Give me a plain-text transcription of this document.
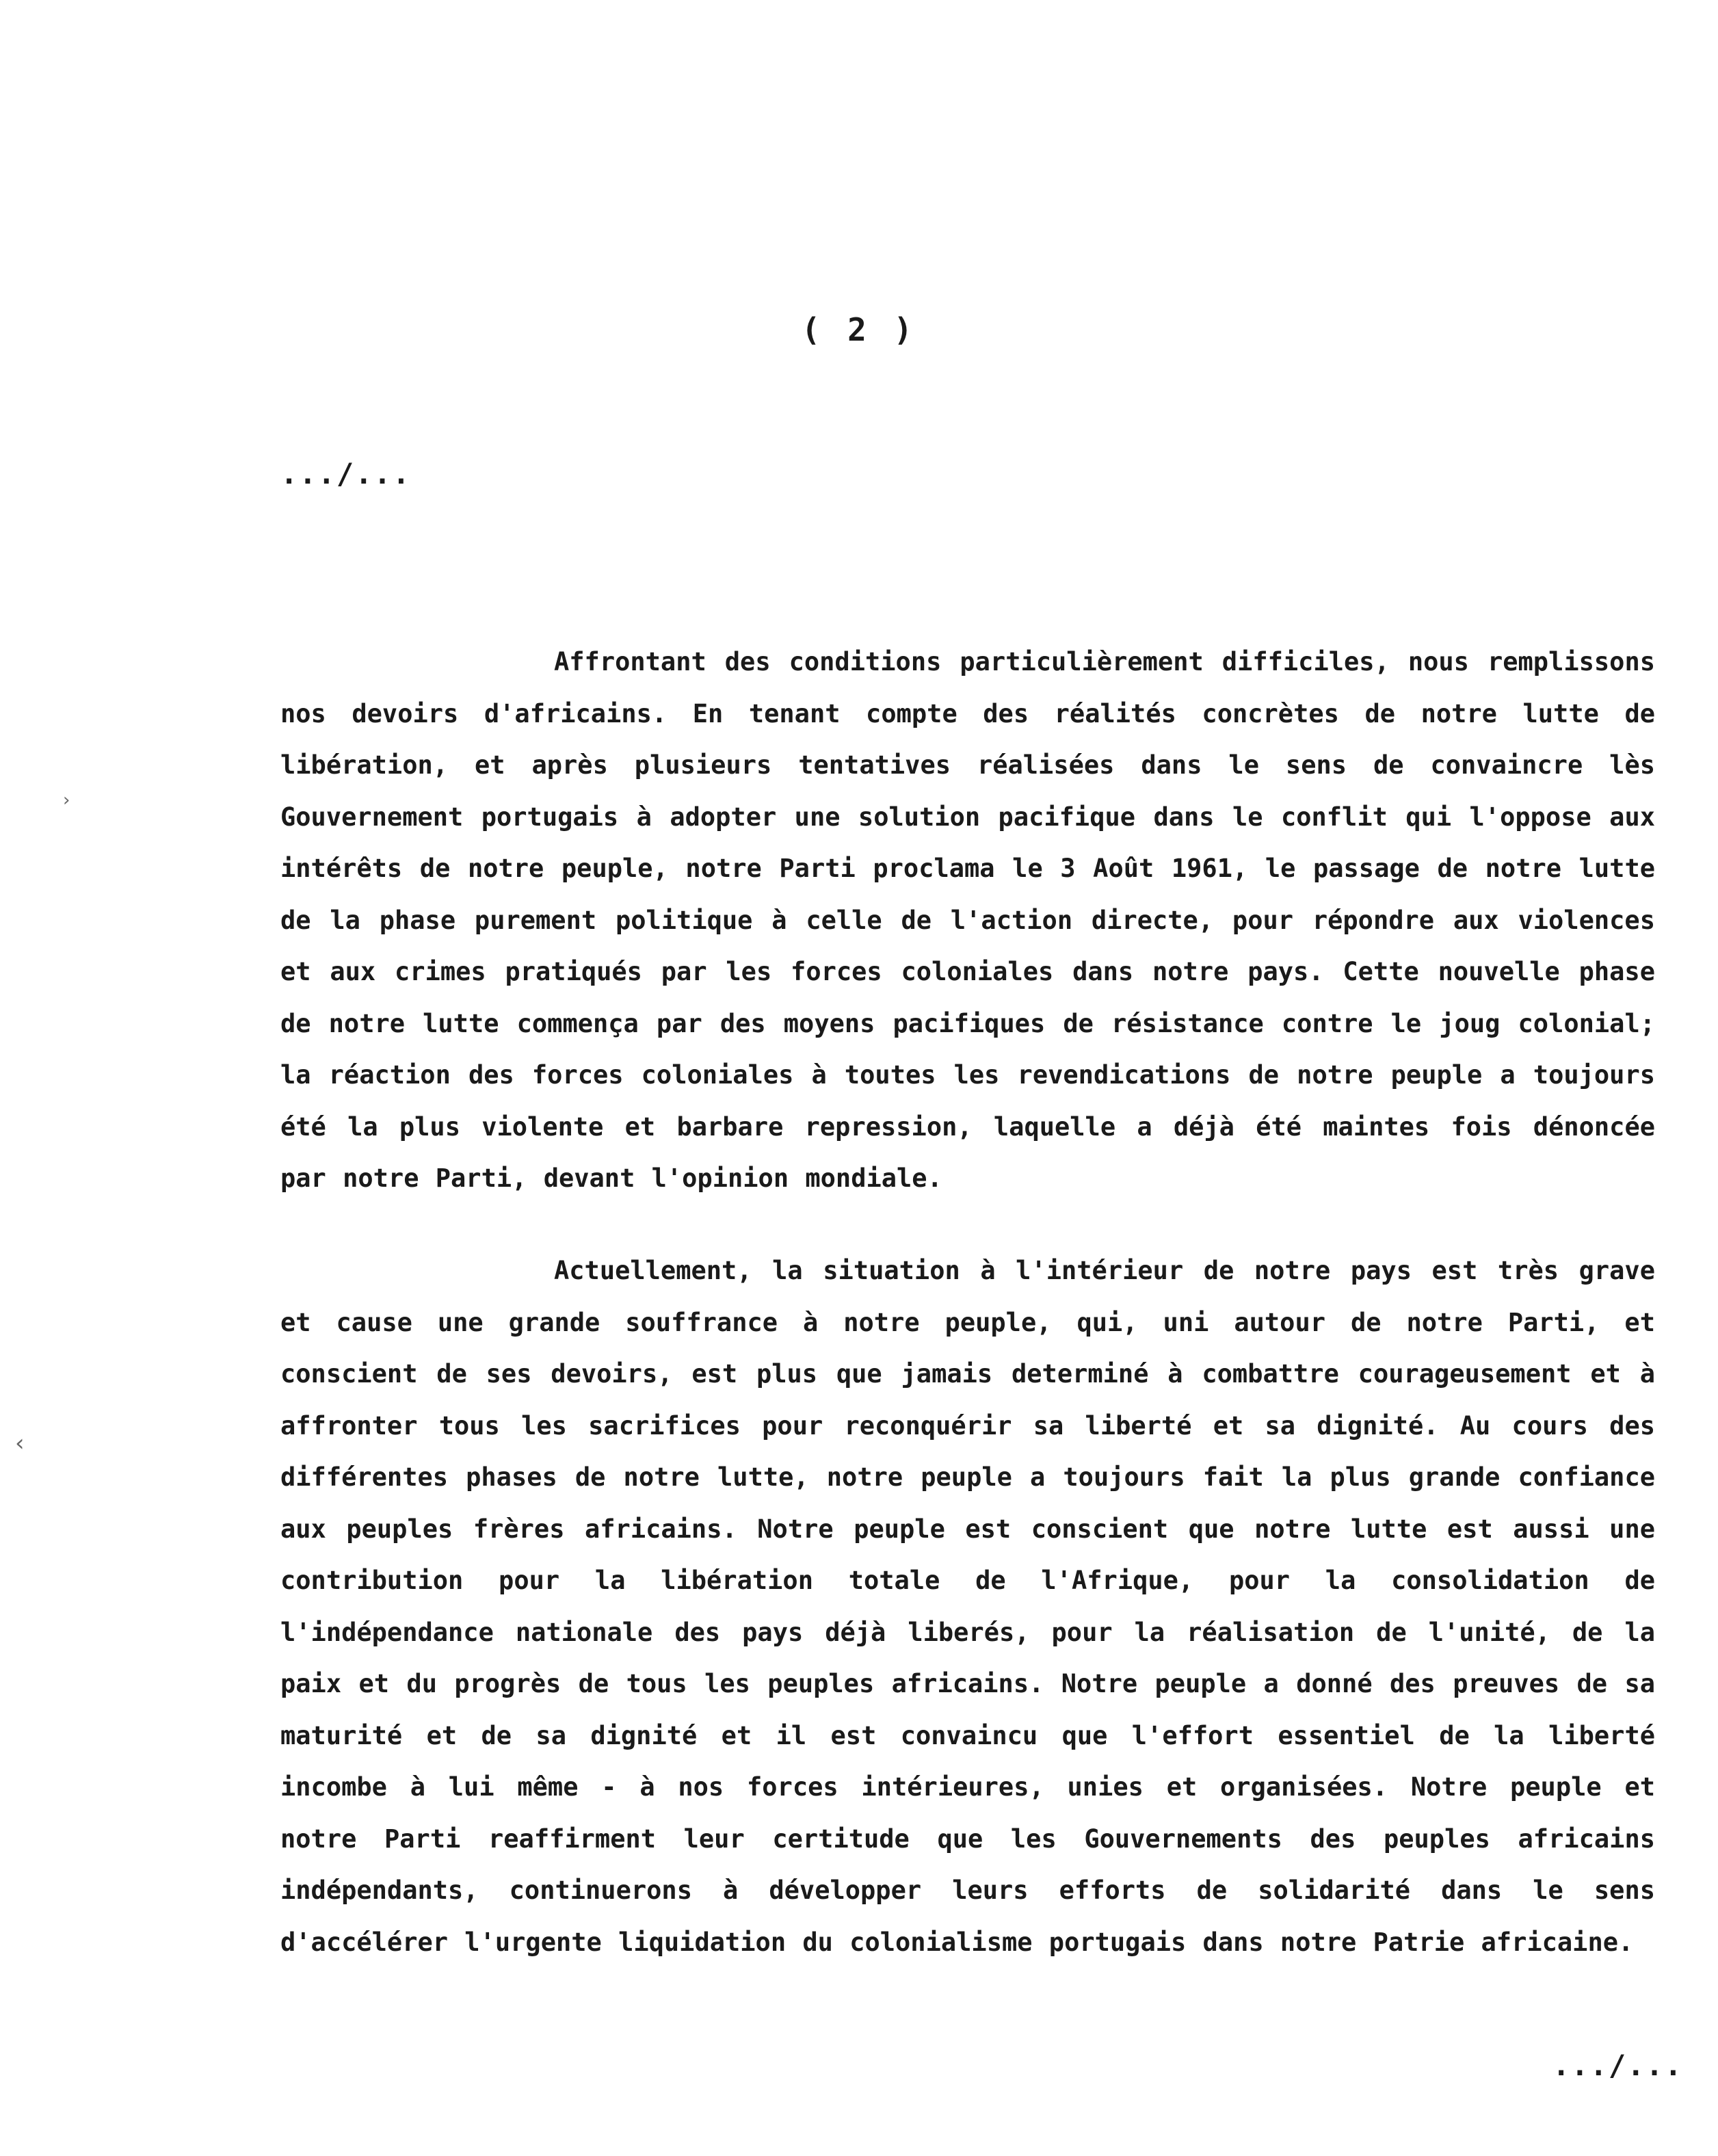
( 2 )
.../...

Affrontant des conditions particulièrement difficiles, nous remplissons nos devoirs d'africains. En tenant compte des réalités concrètes de notre lutte de libération, et après plusieurs tentatives réalisées dans le sens de convaincre lès Gouvernement portugais à adopter une solution pacifique dans le conflit qui l'oppose aux intérêts de notre peuple, notre Parti proclama le 3 Août 1961, le passage de notre lutte de la phase purement politique à celle de l'action directe, pour répondre aux violences et aux crimes pratiqués par les forces coloniales dans notre pays. Cette nouvelle phase de notre lutte commença par des moyens pacifiques de résistance contre le joug colonial; la réaction des forces coloniales à toutes les revendications de notre peuple a toujours été la plus violente et barbare repression, laquelle a déjà été maintes fois dénoncée par notre Parti, devant l'opinion mondiale.

Actuellement, la situation à l'intérieur de notre pays est très grave et cause une grande souffrance à notre peuple, qui, uni autour de notre Parti, et conscient de ses devoirs, est plus que jamais determiné à combattre courageusement et à affronter tous les sacrifices pour reconquérir sa liberté et sa dignité. Au cours des différentes phases de notre lutte, notre peuple a toujours fait la plus grande confiance aux peuples frères africains. Notre peuple est conscient que notre lutte est aussi une contribution pour la libération totale de l'Afrique, pour la consolidation de l'indépendance nationale des pays déjà liberés, pour la réalisation de l'unité, de la paix et du progrès de tous les peuples africains. Notre peuple a donné des preuves de sa maturité et de sa dignité et il est convaincu que l'effort essentiel de la liberté incombe à lui même - à nos forces intérieures, unies et organisées. Notre peuple et notre Parti reaffirment leur certitude que les Gouvernements des peuples africains indépendants, continuerons à développer leurs efforts de solidarité dans le sens d'accélérer l'urgente liquidation du colonialisme portugais dans notre Patrie africaine.

.../...
›
‹
